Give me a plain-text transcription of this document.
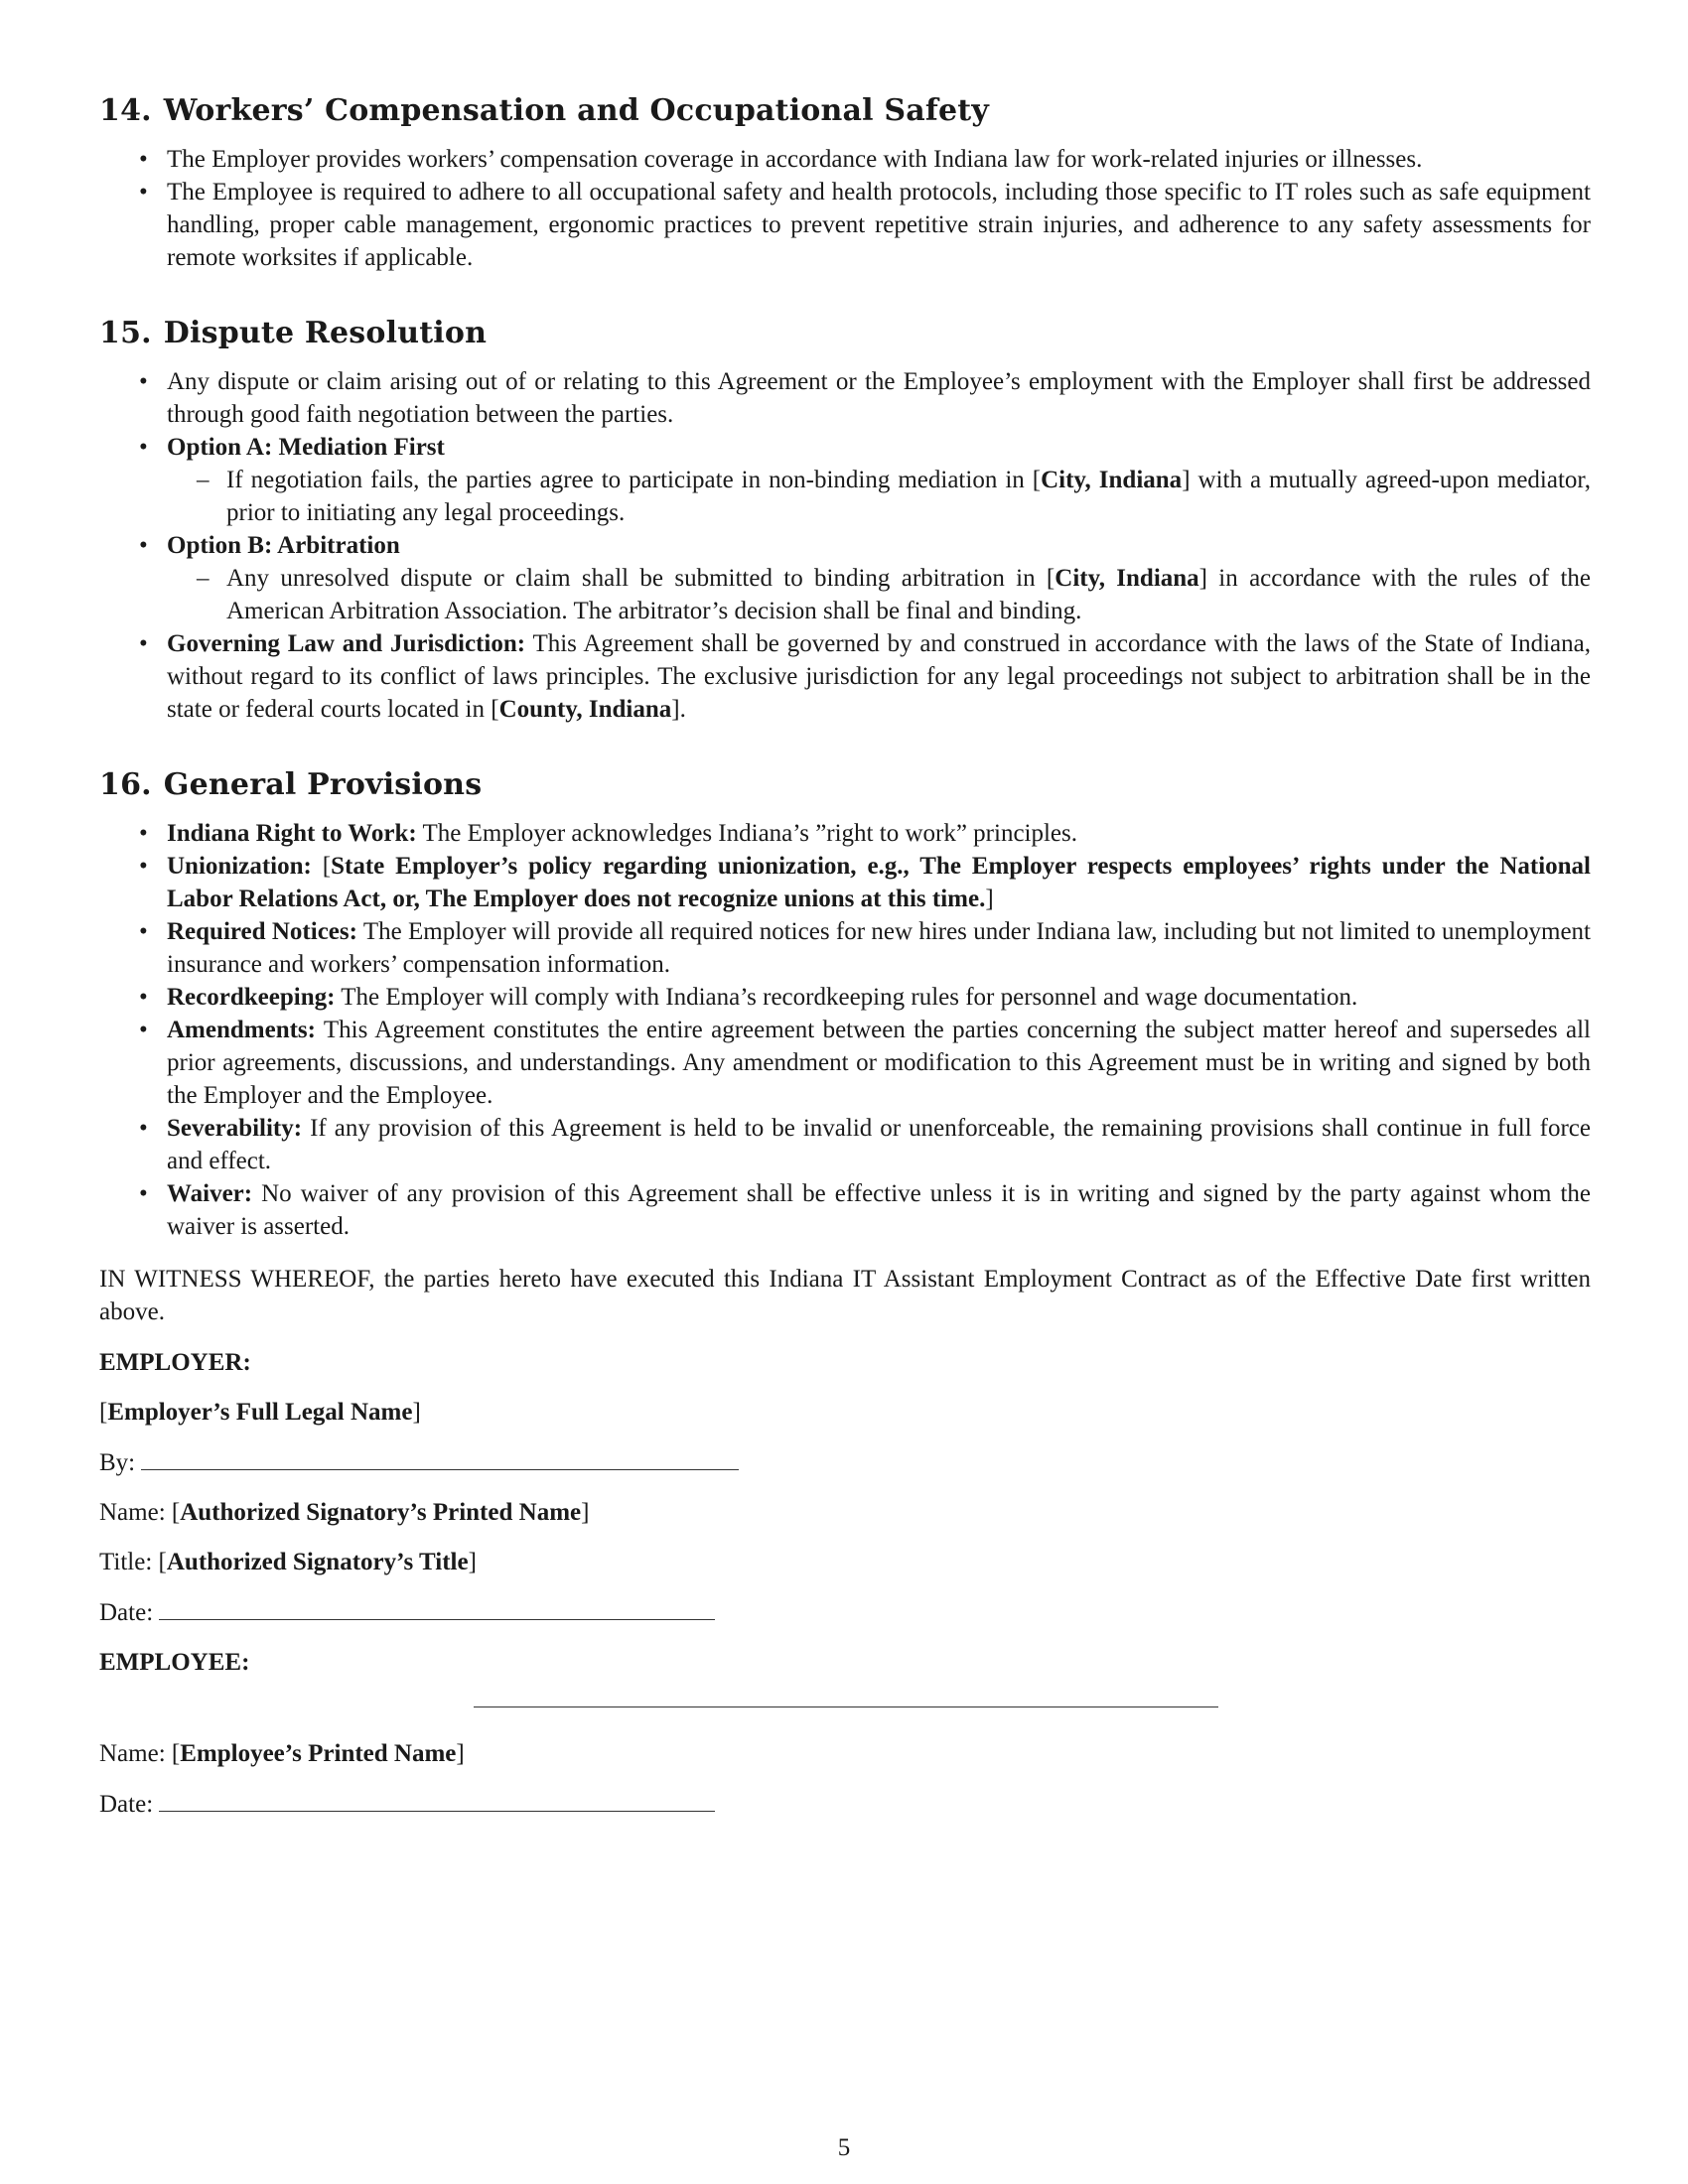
14. Workers’ Compensation and Occupational Safety
• The Employer provides workers’ compensation coverage in accordance with Indiana law for work-related injuries or illnesses.
• The Employee is required to adhere to all occupational safety and health protocols, including those specific to IT roles such as safe equipment handling, proper cable management, ergonomic practices to prevent repetitive strain injuries, and adherence to any safety assessments for remote worksites if applicable.
15. Dispute Resolution
• Any dispute or claim arising out of or relating to this Agreement or the Employee’s employment with the Employer shall first be addressed through good faith negotiation between the parties.
• Option A: Mediation First
– If negotiation fails, the parties agree to participate in non-binding mediation in [City, Indiana] with a mutually agreed-upon mediator, prior to initiating any legal proceedings.
• Option B: Arbitration
– Any unresolved dispute or claim shall be submitted to binding arbitration in [City, Indiana] in accordance with the rules of the American Arbitration Association. The arbitrator’s decision shall be final and binding.
• Governing Law and Jurisdiction: This Agreement shall be governed by and construed in accordance with the laws of the State of Indiana, without regard to its conflict of laws principles. The exclusive jurisdiction for any legal proceedings not subject to arbitration shall be in the state or federal courts located in [County, Indiana].
16. General Provisions
• Indiana Right to Work: The Employer acknowledges Indiana’s ”right to work” principles.
• Unionization: [State Employer’s policy regarding unionization, e.g., The Employer respects employees’ rights under the National Labor Relations Act, or, The Employer does not recognize unions at this time.]
• Required Notices: The Employer will provide all required notices for new hires under Indiana law, including but not limited to unemployment insurance and workers’ compensation information.
• Recordkeeping: The Employer will comply with Indiana’s recordkeeping rules for personnel and wage documentation.
• Amendments: This Agreement constitutes the entire agreement between the parties concerning the subject matter hereof and supersedes all prior agreements, discussions, and understandings. Any amendment or modification to this Agreement must be in writing and signed by both the Employer and the Employee.
• Severability: If any provision of this Agreement is held to be invalid or unenforceable, the remaining provisions shall continue in full force and effect.
• Waiver: No waiver of any provision of this Agreement shall be effective unless it is in writing and signed by the party against whom the waiver is asserted.

IN WITNESS WHEREOF, the parties hereto have executed this Indiana IT Assistant Employment Contract as of the Effective Date first written above.

EMPLOYER:
[Employer’s Full Legal Name]
By:
Name: [Authorized Signatory’s Printed Name]
Title: [Authorized Signatory’s Title]
Date:
EMPLOYEE:
Name: [Employee’s Printed Name]
Date:
5
